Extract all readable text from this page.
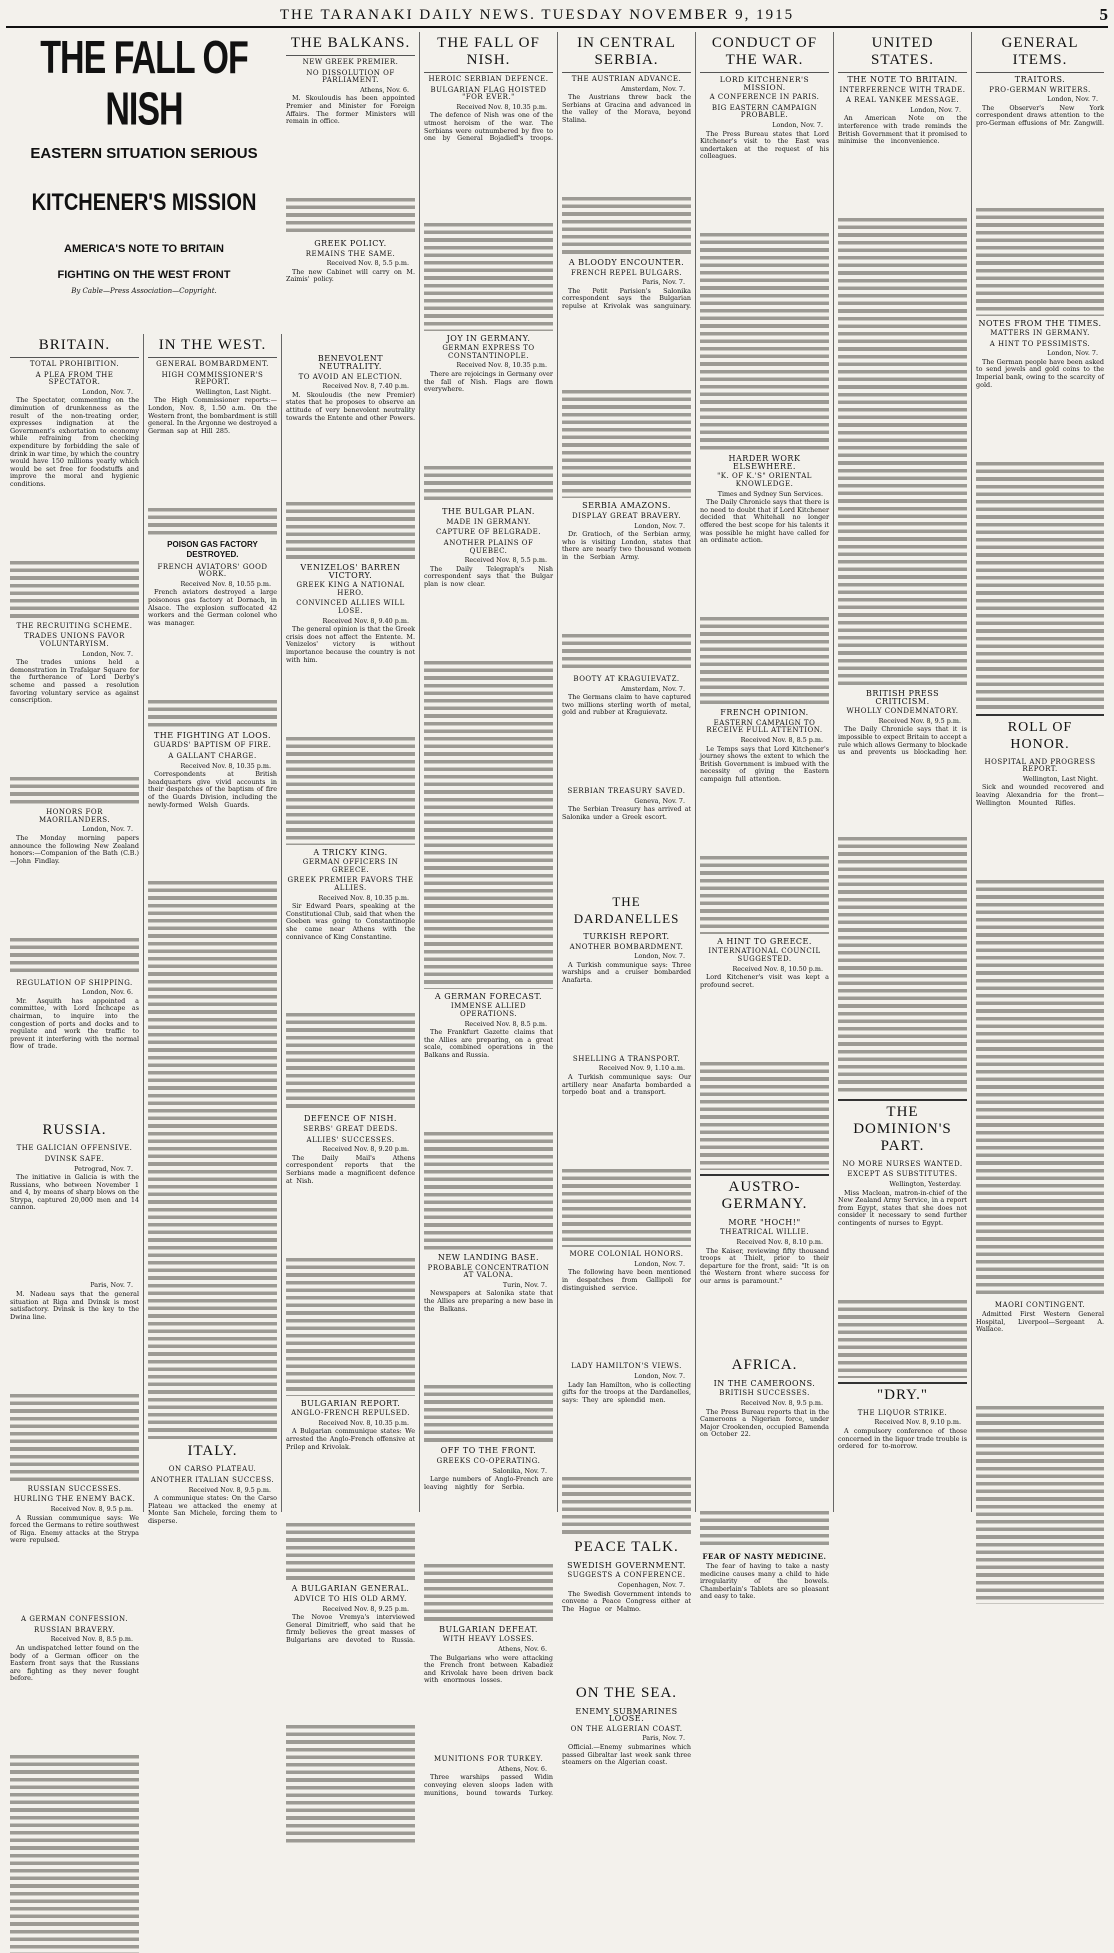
THE TARANAKI DAILY NEWS. TUESDAY NOVEMBER 9, 1915	5
THE FALL OF NISH
EASTERN SITUATION SERIOUS
KITCHENER'S MISSION
AMERICA'S NOTE TO BRITAIN
FIGHTING ON THE WEST FRONT
By Cable—Press Association—Copyright.
BRITAIN.
TOTAL PROHIBITION.
A PLEA FROM THE SPECTATOR.
London, Nov. 7.
The Spectator, commenting on the diminution of drunkenness as the result of the non-treating order, expresses indignation at the Government's exhortation to economy while refraining from checking expenditure by forbidding the sale of drink in war time, by which the country would have 150 millions yearly which would be set free for foodstuffs and improve the moral and hygienic conditions. Lorem ipsum dolor sit amet consectetur adipiscing elit sed do eiusmod tempor incididunt ut labore et dolore magna aliqua ut enim ad minim veniam quis nostrud exercitation ullamco laboris nisi ut aliquip ex ea commodo consequat duis aute irure dolor in reprehenderit in voluptate velit esse cillum dolore eu fugiat nulla pariatur
THE RECRUITING SCHEME.
TRADES UNIONS FAVOR VOLUNTARYISM.
London, Nov. 7.
The trades unions held a demonstration in Trafalgar Square for the furtherance of Lord Derby's scheme and passed a resolution favoring voluntary service as against conscription. Lorem ipsum dolor sit amet consectetur adipiscing elit sed do eiusmod tempor incididunt ut labore et dolore magna aliqua ut enim ad minim veniam quis nostrud exercitation ullamco laboris nisi ut aliquip ex ea commodo consequat duis aute irure dolor in reprehenderit in voluptate velit esse cillum dolore eu fugiat nulla pariatur
HONORS FOR MAORILANDERS.
London, Nov. 7.
The Monday morning papers announce the following New Zealand honors:—Companion of the Bath (C.B.)—John Findlay. Lorem ipsum dolor sit amet consectetur adipiscing elit sed do eiusmod tempor incididunt ut labore et dolore magna aliqua ut enim ad minim veniam quis nostrud exercitation ullamco laboris nisi ut aliquip ex ea commodo consequat duis aute irure dolor in reprehenderit in voluptate velit esse cillum dolore eu fugiat nulla pariatur
REGULATION OF SHIPPING.
London, Nov. 6.
Mr. Asquith has appointed a committee, with Lord Inchcape as chairman, to inquire into the congestion of ports and docks and to regulate and work the traffic to prevent it interfering with the normal flow of trade. Lorem ipsum dolor sit amet consectetur adipiscing elit sed do eiusmod tempor incididunt ut labore et dolore magna aliqua ut enim ad minim veniam quis nostrud exercitation ullamco laboris nisi ut aliquip ex ea commodo consequat duis aute irure dolor in reprehenderit in voluptate velit esse cillum dolore eu fugiat nulla pariatur
RUSSIA.
THE GALICIAN OFFENSIVE.
DVINSK SAFE.
Petrograd, Nov. 7.
The initiative in Galicia is with the Russians, who between November 1 and 4, by means of sharp blows on the Strypa, captured 20,000 men and 14 cannon. Lorem ipsum dolor sit amet consectetur adipiscing elit sed do eiusmod tempor incididunt ut labore et dolore magna aliqua ut enim ad minim veniam quis nostrud exercitation ullamco laboris nisi ut aliquip ex ea commodo consequat duis aute irure dolor in reprehenderit in voluptate velit esse cillum dolore eu fugiat nulla pariatur
Paris, Nov. 7.
M. Nadeau says that the general situation at Riga and Dvinsk is most satisfactory. Dvinsk is the key to the Dwina line. Lorem ipsum dolor sit amet consectetur adipiscing elit sed do eiusmod tempor incididunt ut labore et dolore magna aliqua ut enim ad minim veniam quis nostrud exercitation ullamco laboris nisi ut aliquip ex ea commodo consequat duis aute irure dolor in reprehenderit in voluptate velit esse cillum dolore eu fugiat nulla pariatur
RUSSIAN SUCCESSES.
HURLING THE ENEMY BACK.
Received Nov. 8, 9.5 p.m.
A Russian communique says: We forced the Germans to retire southwest of Riga. Enemy attacks at the Strypa were repulsed. Lorem ipsum dolor sit amet consectetur adipiscing elit sed do eiusmod tempor incididunt ut labore et dolore magna aliqua ut enim ad minim veniam quis nostrud exercitation ullamco laboris nisi ut aliquip ex ea commodo consequat duis aute irure dolor in reprehenderit in voluptate velit esse cillum dolore eu fugiat nulla pariatur
A GERMAN CONFESSION.
RUSSIAN BRAVERY.
Received Nov. 8, 8.5 p.m.
An undispatched letter found on the body of a German officer on the Eastern front says that the Russians are fighting as they never fought before. Lorem ipsum dolor sit amet consectetur adipiscing elit sed do eiusmod tempor incididunt ut labore et dolore magna aliqua ut enim ad minim veniam quis nostrud exercitation ullamco laboris nisi ut aliquip ex ea commodo consequat duis aute irure dolor in reprehenderit in voluptate velit esse cillum dolore eu fugiat nulla pariatur
IN THE WEST.
GENERAL BOMBARDMENT.
HIGH COMMISSIONER'S REPORT.
Wellington, Last Night.
The High Commissioner reports:— London, Nov. 8, 1.50 a.m. On the Western front, the bombardment is still general. In the Argonne we destroyed a German sap at Hill 285. Lorem ipsum dolor sit amet consectetur adipiscing elit sed do eiusmod tempor incididunt ut labore et dolore magna aliqua ut enim ad minim veniam quis nostrud exercitation ullamco laboris nisi ut aliquip ex ea commodo consequat duis aute irure dolor in reprehenderit in voluptate velit esse cillum dolore eu fugiat nulla pariatur
POISON GAS FACTORY DESTROYED.
FRENCH AVIATORS' GOOD WORK.
Received Nov. 8, 10.55 p.m.
French aviators destroyed a large poisonous gas factory at Dornach, in Alsace. The explosion suffocated 42 workers and the German colonel who was manager. Lorem ipsum dolor sit amet consectetur adipiscing elit sed do eiusmod tempor incididunt ut labore et dolore magna aliqua ut enim ad minim veniam quis nostrud exercitation ullamco laboris nisi ut aliquip ex ea commodo consequat duis aute irure dolor in reprehenderit in voluptate velit esse cillum dolore eu fugiat nulla pariatur
THE FIGHTING AT LOOS.
GUARDS' BAPTISM OF FIRE.
A GALLANT CHARGE.
Received Nov. 8, 10.35 p.m.
Correspondents at British headquarters give vivid accounts in their despatches of the baptism of fire of the Guards Division, including the newly-formed Welsh Guards. Lorem ipsum dolor sit amet consectetur adipiscing elit sed do eiusmod tempor incididunt ut labore et dolore magna aliqua ut enim ad minim veniam quis nostrud exercitation ullamco laboris nisi ut aliquip ex ea commodo consequat duis aute irure dolor in reprehenderit in voluptate velit esse cillum dolore eu fugiat nulla pariatur
ITALY.
ON CARSO PLATEAU.
ANOTHER ITALIAN SUCCESS.
Received Nov. 8, 9.5 p.m.
A communique states: On the Carso Plateau we attacked the enemy at Monte San Michele, forcing them to disperse. Lorem ipsum dolor sit amet consectetur adipiscing elit sed do eiusmod tempor incididunt ut labore et dolore magna aliqua ut enim ad minim veniam quis nostrud exercitation ullamco laboris nisi ut aliquip ex ea commodo consequat duis aute irure dolor in reprehenderit in voluptate velit esse cillum dolore eu fugiat nulla pariatur
THE BALKANS.
NEW GREEK PREMIER.
NO DISSOLUTION OF PARLIAMENT.
Athens, Nov. 6.
M. Skouloudis has been appointed Premier and Minister for Foreign Affairs. The former Ministers will remain in office. Lorem ipsum dolor sit amet consectetur adipiscing elit sed do eiusmod tempor incididunt ut labore et dolore magna aliqua ut enim ad minim veniam quis nostrud exercitation ullamco laboris nisi ut aliquip ex ea commodo consequat duis aute irure dolor in reprehenderit in voluptate velit esse cillum dolore eu fugiat nulla pariatur
GREEK POLICY.
REMAINS THE SAME.
Received Nov. 8, 5.5 p.m.
The new Cabinet will carry on M. Zaimis' policy. Lorem ipsum dolor sit amet consectetur adipiscing elit sed do eiusmod tempor incididunt ut labore et dolore magna aliqua ut enim ad minim veniam quis nostrud exercitation ullamco laboris nisi ut aliquip ex ea commodo consequat duis aute irure dolor in reprehenderit in voluptate velit esse cillum dolore eu fugiat nulla pariatur
BENEVOLENT NEUTRALITY.
TO AVOID AN ELECTION.
Received Nov. 8, 7.40 p.m.
M. Skouloudis (the new Premier) states that he proposes to observe an attitude of very benevolent neutrality towards the Entente and other Powers. Lorem ipsum dolor sit amet consectetur adipiscing elit sed do eiusmod tempor incididunt ut labore et dolore magna aliqua ut enim ad minim veniam quis nostrud exercitation ullamco laboris nisi ut aliquip ex ea commodo consequat duis aute irure dolor in reprehenderit in voluptate velit esse cillum dolore eu fugiat nulla pariatur
VENIZELOS' BARREN VICTORY.
GREEK KING A NATIONAL HERO.
CONVINCED ALLIES WILL LOSE.
Received Nov. 8, 9.40 p.m.
The general opinion is that the Greek crisis does not affect the Entente. M. Venizelos' victory is without importance because the country is not with him. Lorem ipsum dolor sit amet consectetur adipiscing elit sed do eiusmod tempor incididunt ut labore et dolore magna aliqua ut enim ad minim veniam quis nostrud exercitation ullamco laboris nisi ut aliquip ex ea commodo consequat duis aute irure dolor in reprehenderit in voluptate velit esse cillum dolore eu fugiat nulla pariatur
A TRICKY KING.
GERMAN OFFICERS IN GREECE.
GREEK PREMIER FAVORS THE ALLIES.
Received Nov. 8, 10.35 p.m.
Sir Edward Pears, speaking at the Constitutional Club, said that when the Goeben was going to Constantinople she came near Athens with the connivance of King Constantine. Lorem ipsum dolor sit amet consectetur adipiscing elit sed do eiusmod tempor incididunt ut labore et dolore magna aliqua ut enim ad minim veniam quis nostrud exercitation ullamco laboris nisi ut aliquip ex ea commodo consequat duis aute irure dolor in reprehenderit in voluptate velit esse cillum dolore eu fugiat nulla pariatur
DEFENCE OF NISH.
SERBS' GREAT DEEDS.
ALLIES' SUCCESSES.
Received Nov. 8, 9.20 p.m.
The Daily Mail's Athens correspondent reports that the Serbians made a magnificent defence at Nish. Lorem ipsum dolor sit amet consectetur adipiscing elit sed do eiusmod tempor incididunt ut labore et dolore magna aliqua ut enim ad minim veniam quis nostrud exercitation ullamco laboris nisi ut aliquip ex ea commodo consequat duis aute irure dolor in reprehenderit in voluptate velit esse cillum dolore eu fugiat nulla pariatur
BULGARIAN REPORT.
ANGLO-FRENCH REPULSED.
Received Nov. 8, 10.35 p.m.
A Bulgarian communique states: We arrested the Anglo-French offensive at Prilep and Krivolak. Lorem ipsum dolor sit amet consectetur adipiscing elit sed do eiusmod tempor incididunt ut labore et dolore magna aliqua ut enim ad minim veniam quis nostrud exercitation ullamco laboris nisi ut aliquip ex ea commodo consequat duis aute irure dolor in reprehenderit in voluptate velit esse cillum dolore eu fugiat nulla pariatur
A BULGARIAN GENERAL.
ADVICE TO HIS OLD ARMY.
Received Nov. 8, 9.25 p.m.
The Novoe Vremya's interviewed General Dimitrieff, who said that he firmly believes the great masses of Bulgarians are devoted to Russia. Lorem ipsum dolor sit amet consectetur adipiscing elit sed do eiusmod tempor incididunt ut labore et dolore magna aliqua ut enim ad minim veniam quis nostrud exercitation ullamco laboris nisi ut aliquip ex ea commodo consequat duis aute irure dolor in reprehenderit in voluptate velit esse cillum dolore eu fugiat nulla pariatur
THE FALL OF NISH.
HEROIC SERBIAN DEFENCE.
BULGARIAN FLAG HOISTED "FOR EVER."
Received Nov. 8, 10.35 p.m.
The defence of Nish was one of the utmost heroism of the war. The Serbians were outnumbered by five to one by General Bojadieff's troops. Lorem ipsum dolor sit amet consectetur adipiscing elit sed do eiusmod tempor incididunt ut labore et dolore magna aliqua ut enim ad minim veniam quis nostrud exercitation ullamco laboris nisi ut aliquip ex ea commodo consequat duis aute irure dolor in reprehenderit in voluptate velit esse cillum dolore eu fugiat nulla pariatur
JOY IN GERMANY.
GERMAN EXPRESS TO CONSTANTINOPLE.
Received Nov. 8, 10.35 p.m.
There are rejoicings in Germany over the fall of Nish. Flags are flown everywhere. Lorem ipsum dolor sit amet consectetur adipiscing elit sed do eiusmod tempor incididunt ut labore et dolore magna aliqua ut enim ad minim veniam quis nostrud exercitation ullamco laboris nisi ut aliquip ex ea commodo consequat duis aute irure dolor in reprehenderit in voluptate velit esse cillum dolore eu fugiat nulla pariatur
THE BULGAR PLAN.
MADE IN GERMANY.
CAPTURE OF BELGRADE.
ANOTHER PLAINS OF QUEBEC.
Received Nov. 8, 5.5 p.m.
The Daily Telegraph's Nish correspondent says that the Bulgar plan is now clear. Lorem ipsum dolor sit amet consectetur adipiscing elit sed do eiusmod tempor incididunt ut labore et dolore magna aliqua ut enim ad minim veniam quis nostrud exercitation ullamco laboris nisi ut aliquip ex ea commodo consequat duis aute irure dolor in reprehenderit in voluptate velit esse cillum dolore eu fugiat nulla pariatur
A GERMAN FORECAST.
IMMENSE ALLIED OPERATIONS.
Received Nov. 8, 8.5 p.m.
The Frankfurt Gazette claims that the Allies are preparing, on a great scale, combined operations in the Balkans and Russia. Lorem ipsum dolor sit amet consectetur adipiscing elit sed do eiusmod tempor incididunt ut labore et dolore magna aliqua ut enim ad minim veniam quis nostrud exercitation ullamco laboris nisi ut aliquip ex ea commodo consequat duis aute irure dolor in reprehenderit in voluptate velit esse cillum dolore eu fugiat nulla pariatur
NEW LANDING BASE.
PROBABLE CONCENTRATION AT VALONA.
Turin, Nov. 7.
Newspapers at Salonika state that the Allies are preparing a new base in the Balkans. Lorem ipsum dolor sit amet consectetur adipiscing elit sed do eiusmod tempor incididunt ut labore et dolore magna aliqua ut enim ad minim veniam quis nostrud exercitation ullamco laboris nisi ut aliquip ex ea commodo consequat duis aute irure dolor in reprehenderit in voluptate velit esse cillum dolore eu fugiat nulla pariatur
OFF TO THE FRONT.
GREEKS CO-OPERATING.
Salonika, Nov. 7.
Large numbers of Anglo-French are leaving nightly for Serbia. Lorem ipsum dolor sit amet consectetur adipiscing elit sed do eiusmod tempor incididunt ut labore et dolore magna aliqua ut enim ad minim veniam quis nostrud exercitation ullamco laboris nisi ut aliquip ex ea commodo consequat duis aute irure dolor in reprehenderit in voluptate velit esse cillum dolore eu fugiat nulla pariatur
BULGARIAN DEFEAT.
WITH HEAVY LOSSES.
Athens, Nov. 6.
The Bulgarians who were attacking the French front between Kabadiez and Krivolak have been driven back with enormous losses. Lorem ipsum dolor sit amet consectetur adipiscing elit sed do eiusmod tempor incididunt ut labore et dolore magna aliqua ut enim ad minim veniam quis nostrud exercitation ullamco laboris nisi ut aliquip ex ea commodo consequat duis aute irure dolor in reprehenderit in voluptate velit esse cillum dolore eu fugiat nulla pariatur
MUNITIONS FOR TURKEY.
Athens, Nov. 6.
Three warships passed Widin conveying eleven sloops laden with munitions, bound towards Turkey. Lorem ipsum dolor sit amet consectetur adipiscing elit sed do eiusmod tempor incididunt ut labore et dolore magna aliqua ut enim ad minim veniam quis nostrud exercitation ullamco laboris nisi ut aliquip ex ea commodo consequat duis aute irure dolor in reprehenderit in voluptate velit esse cillum dolore eu fugiat nulla pariatur
IN CENTRAL SERBIA.
THE AUSTRIAN ADVANCE.
Amsterdam, Nov. 7.
The Austrians threw back the Serbians at Gracina and advanced in the valley of the Morava, beyond Stalina. Lorem ipsum dolor sit amet consectetur adipiscing elit sed do eiusmod tempor incididunt ut labore et dolore magna aliqua ut enim ad minim veniam quis nostrud exercitation ullamco laboris nisi ut aliquip ex ea commodo consequat duis aute irure dolor in reprehenderit in voluptate velit esse cillum dolore eu fugiat nulla pariatur
A BLOODY ENCOUNTER.
FRENCH REPEL BULGARS.
Paris, Nov. 7.
The Petit Parisien's Salonika correspondent says the Bulgarian repulse at Krivolak was sanguinary. Lorem ipsum dolor sit amet consectetur adipiscing elit sed do eiusmod tempor incididunt ut labore et dolore magna aliqua ut enim ad minim veniam quis nostrud exercitation ullamco laboris nisi ut aliquip ex ea commodo consequat duis aute irure dolor in reprehenderit in voluptate velit esse cillum dolore eu fugiat nulla pariatur
SERBIA AMAZONS.
DISPLAY GREAT BRAVERY.
London, Nov. 7.
Dr. Gratioch, of the Serbian army, who is visiting London, states that there are nearly two thousand women in the Serbian Army. Lorem ipsum dolor sit amet consectetur adipiscing elit sed do eiusmod tempor incididunt ut labore et dolore magna aliqua ut enim ad minim veniam quis nostrud exercitation ullamco laboris nisi ut aliquip ex ea commodo consequat duis aute irure dolor in reprehenderit in voluptate velit esse cillum dolore eu fugiat nulla pariatur
BOOTY AT KRAGUIEVATZ.
Amsterdam, Nov. 7.
The Germans claim to have captured two millions sterling worth of metal, gold and rubber at Kraguievatz. Lorem ipsum dolor sit amet consectetur adipiscing elit sed do eiusmod tempor incididunt ut labore et dolore magna aliqua ut enim ad minim veniam quis nostrud exercitation ullamco laboris nisi ut aliquip ex ea commodo consequat duis aute irure dolor in reprehenderit in voluptate velit esse cillum dolore eu fugiat nulla pariatur
SERBIAN TREASURY SAVED.
Geneva, Nov. 7.
The Serbian Treasury has arrived at Salonika under a Greek escort. Lorem ipsum dolor sit amet consectetur adipiscing elit sed do eiusmod tempor incididunt ut labore et dolore magna aliqua ut enim ad minim veniam quis nostrud exercitation ullamco laboris nisi ut aliquip ex ea commodo consequat duis aute irure dolor in reprehenderit in voluptate velit esse cillum dolore eu fugiat nulla pariatur
THE DARDANELLES
TURKISH REPORT.
ANOTHER BOMBARDMENT.
London, Nov. 7.
A Turkish communique says: Three warships and a cruiser bombarded Anafarta. Lorem ipsum dolor sit amet consectetur adipiscing elit sed do eiusmod tempor incididunt ut labore et dolore magna aliqua ut enim ad minim veniam quis nostrud exercitation ullamco laboris nisi ut aliquip ex ea commodo consequat duis aute irure dolor in reprehenderit in voluptate velit esse cillum dolore eu fugiat nulla pariatur
SHELLING A TRANSPORT.
Received Nov. 9, 1.10 a.m.
A Turkish communique says: Our artillery near Anafarta bombarded a torpedo boat and a transport. Lorem ipsum dolor sit amet consectetur adipiscing elit sed do eiusmod tempor incididunt ut labore et dolore magna aliqua ut enim ad minim veniam quis nostrud exercitation ullamco laboris nisi ut aliquip ex ea commodo consequat duis aute irure dolor in reprehenderit in voluptate velit esse cillum dolore eu fugiat nulla pariatur
MORE COLONIAL HONORS.
London, Nov. 7.
The following have been mentioned in despatches from Gallipoli for distinguished service. Lorem ipsum dolor sit amet consectetur adipiscing elit sed do eiusmod tempor incididunt ut labore et dolore magna aliqua ut enim ad minim veniam quis nostrud exercitation ullamco laboris nisi ut aliquip ex ea commodo consequat duis aute irure dolor in reprehenderit in voluptate velit esse cillum dolore eu fugiat nulla pariatur
LADY HAMILTON'S VIEWS.
London, Nov. 7.
Lady Ian Hamilton, who is collecting gifts for the troops at the Dardanelles, says: They are splendid men. Lorem ipsum dolor sit amet consectetur adipiscing elit sed do eiusmod tempor incididunt ut labore et dolore magna aliqua ut enim ad minim veniam quis nostrud exercitation ullamco laboris nisi ut aliquip ex ea commodo consequat duis aute irure dolor in reprehenderit in voluptate velit esse cillum dolore eu fugiat nulla pariatur
PEACE TALK.
SWEDISH GOVERNMENT.
SUGGESTS A CONFERENCE.
Copenhagen, Nov. 7.
The Swedish Government intends to convene a Peace Congress either at The Hague or Malmo. Lorem ipsum dolor sit amet consectetur adipiscing elit sed do eiusmod tempor incididunt ut labore et dolore magna aliqua ut enim ad minim veniam quis nostrud exercitation ullamco laboris nisi ut aliquip ex ea commodo consequat duis aute irure dolor in reprehenderit in voluptate velit esse cillum dolore eu fugiat nulla pariatur
ON THE SEA.
ENEMY SUBMARINES LOOSE.
ON THE ALGERIAN COAST.
Paris, Nov. 7.
Official.—Enemy submarines which passed Gibraltar last week sank three steamers on the Algerian coast. Lorem ipsum dolor sit amet consectetur adipiscing elit sed do eiusmod tempor incididunt ut labore et dolore magna aliqua ut enim ad minim veniam quis nostrud exercitation ullamco laboris nisi ut aliquip ex ea commodo consequat duis aute irure dolor in reprehenderit in voluptate velit esse cillum dolore eu fugiat nulla pariatur
CONDUCT OF THE WAR.
LORD KITCHENER'S MISSION.
A CONFERENCE IN PARIS.
BIG EASTERN CAMPAIGN PROBABLE.
London, Nov. 7.
The Press Bureau states that Lord Kitchener's visit to the East was undertaken at the request of his colleagues. Lorem ipsum dolor sit amet consectetur adipiscing elit sed do eiusmod tempor incididunt ut labore et dolore magna aliqua ut enim ad minim veniam quis nostrud exercitation ullamco laboris nisi ut aliquip ex ea commodo consequat duis aute irure dolor in reprehenderit in voluptate velit esse cillum dolore eu fugiat nulla pariatur
HARDER WORK ELSEWHERE.
"K. OF K.'S" ORIENTAL KNOWLEDGE.
Times and Sydney Sun Services.
The Daily Chronicle says that there is no need to doubt that if Lord Kitchener decided that Whitehall no longer offered the best scope for his talents it was possible he might have called for an ordinate action. Lorem ipsum dolor sit amet consectetur adipiscing elit sed do eiusmod tempor incididunt ut labore et dolore magna aliqua ut enim ad minim veniam quis nostrud exercitation ullamco laboris nisi ut aliquip ex ea commodo consequat duis aute irure dolor in reprehenderit in voluptate velit esse cillum dolore eu fugiat nulla pariatur
FRENCH OPINION.
EASTERN CAMPAIGN TO RECEIVE FULL ATTENTION.
Received Nov. 8, 8.5 p.m.
Le Temps says that Lord Kitchener's journey shows the extent to which the British Government is imbued with the necessity of giving the Eastern campaign full attention. Lorem ipsum dolor sit amet consectetur adipiscing elit sed do eiusmod tempor incididunt ut labore et dolore magna aliqua ut enim ad minim veniam quis nostrud exercitation ullamco laboris nisi ut aliquip ex ea commodo consequat duis aute irure dolor in reprehenderit in voluptate velit esse cillum dolore eu fugiat nulla pariatur
A HINT TO GREECE.
INTERNATIONAL COUNCIL SUGGESTED.
Received Nov. 8, 10.50 p.m.
Lord Kitchener's visit was kept a profound secret. Lorem ipsum dolor sit amet consectetur adipiscing elit sed do eiusmod tempor incididunt ut labore et dolore magna aliqua ut enim ad minim veniam quis nostrud exercitation ullamco laboris nisi ut aliquip ex ea commodo consequat duis aute irure dolor in reprehenderit in voluptate velit esse cillum dolore eu fugiat nulla pariatur
AUSTRO-GERMANY.
MORE "HOCH!"
THEATRICAL WILLIE.
Received Nov. 8, 8.10 p.m.
The Kaiser, reviewing fifty thousand troops at Thielt, prior to their departure for the front, said: "It is on the Western front where success for our arms is paramount." Lorem ipsum dolor sit amet consectetur adipiscing elit sed do eiusmod tempor incididunt ut labore et dolore magna aliqua ut enim ad minim veniam quis nostrud exercitation ullamco laboris nisi ut aliquip ex ea commodo consequat duis aute irure dolor in reprehenderit in voluptate velit esse cillum dolore eu fugiat nulla pariatur
AFRICA.
IN THE CAMEROONS.
BRITISH SUCCESSES.
Received Nov. 8, 9.5 p.m.
The Press Bureau reports that in the Cameroons a Nigerian force, under Major Crookenden, occupied Bamenda on October 22. Lorem ipsum dolor sit amet consectetur adipiscing elit sed do eiusmod tempor incididunt ut labore et dolore magna aliqua ut enim ad minim veniam quis nostrud exercitation ullamco laboris nisi ut aliquip ex ea commodo consequat duis aute irure dolor in reprehenderit in voluptate velit esse cillum dolore eu fugiat nulla pariatur
FEAR OF NASTY MEDICINE.
The fear of having to take a nasty medicine causes many a child to hide irregularity of the bowels. Chamberlain's Tablets are so pleasant and easy to take. Lorem ipsum dolor sit amet consectetur adipiscing elit sed do eiusmod tempor incididunt ut labore et dolore magna aliqua ut enim ad minim veniam quis nostrud exercitation ullamco laboris nisi ut aliquip ex ea commodo consequat duis aute irure dolor in reprehenderit in voluptate velit esse cillum dolore eu fugiat nulla pariatur
UNITED STATES.
THE NOTE TO BRITAIN.
INTERFERENCE WITH TRADE.
A REAL YANKEE MESSAGE.
London, Nov. 7.
An American Note on the interference with trade reminds the British Government that it promised to minimise the inconvenience. Lorem ipsum dolor sit amet consectetur adipiscing elit sed do eiusmod tempor incididunt ut labore et dolore magna aliqua ut enim ad minim veniam quis nostrud exercitation ullamco laboris nisi ut aliquip ex ea commodo consequat duis aute irure dolor in reprehenderit in voluptate velit esse cillum dolore eu fugiat nulla pariatur
BRITISH PRESS CRITICISM.
WHOLLY CONDEMNATORY.
Received Nov. 8, 9.5 p.m.
The Daily Chronicle says that it is impossible to expect Britain to accept a rule which allows Germany to blockade us and prevents us blockading her. Lorem ipsum dolor sit amet consectetur adipiscing elit sed do eiusmod tempor incididunt ut labore et dolore magna aliqua ut enim ad minim veniam quis nostrud exercitation ullamco laboris nisi ut aliquip ex ea commodo consequat duis aute irure dolor in reprehenderit in voluptate velit esse cillum dolore eu fugiat nulla pariatur
THE DOMINION'S PART.
NO MORE NURSES WANTED.
EXCEPT AS SUBSTITUTES.
Wellington, Yesterday.
Miss Maclean, matron-in-chief of the New Zealand Army Service, in a report from Egypt, states that she does not consider it necessary to send further contingents of nurses to Egypt. Lorem ipsum dolor sit amet consectetur adipiscing elit sed do eiusmod tempor incididunt ut labore et dolore magna aliqua ut enim ad minim veniam quis nostrud exercitation ullamco laboris nisi ut aliquip ex ea commodo consequat duis aute irure dolor in reprehenderit in voluptate velit esse cillum dolore eu fugiat nulla pariatur
"DRY."
THE LIQUOR STRIKE.
Received Nov. 8, 9.10 p.m.
A compulsory conference of those concerned in the liquor trade trouble is ordered for to-morrow. Lorem ipsum dolor sit amet consectetur adipiscing elit sed do eiusmod tempor incididunt ut labore et dolore magna aliqua ut enim ad minim veniam quis nostrud exercitation ullamco laboris nisi ut aliquip ex ea commodo consequat duis aute irure dolor in reprehenderit in voluptate velit esse cillum dolore eu fugiat nulla pariatur
GENERAL ITEMS.
TRAITORS.
PRO-GERMAN WRITERS.
London, Nov. 7.
The Observer's New York correspondent draws attention to the pro-German effusions of Mr. Zangwill. Lorem ipsum dolor sit amet consectetur adipiscing elit sed do eiusmod tempor incididunt ut labore et dolore magna aliqua ut enim ad minim veniam quis nostrud exercitation ullamco laboris nisi ut aliquip ex ea commodo consequat duis aute irure dolor in reprehenderit in voluptate velit esse cillum dolore eu fugiat nulla pariatur
NOTES FROM THE TIMES.
MATTERS IN GERMANY.
A HINT TO PESSIMISTS.
London, Nov. 7.
The German people have been asked to send jewels and gold coins to the Imperial bank, owing to the scarcity of gold. Lorem ipsum dolor sit amet consectetur adipiscing elit sed do eiusmod tempor incididunt ut labore et dolore magna aliqua ut enim ad minim veniam quis nostrud exercitation ullamco laboris nisi ut aliquip ex ea commodo consequat duis aute irure dolor in reprehenderit in voluptate velit esse cillum dolore eu fugiat nulla pariatur
ROLL OF HONOR.
HOSPITAL AND PROGRESS REPORT.
Wellington, Last Night.
Sick and wounded recovered and leaving Alexandria for the front—Wellington Mounted Rifles. Lorem ipsum dolor sit amet consectetur adipiscing elit sed do eiusmod tempor incididunt ut labore et dolore magna aliqua ut enim ad minim veniam quis nostrud exercitation ullamco laboris nisi ut aliquip ex ea commodo consequat duis aute irure dolor in reprehenderit in voluptate velit esse cillum dolore eu fugiat nulla pariatur
MAORI CONTINGENT.
Admitted First Western General Hospital, Liverpool—Sergeant A. Wallace. Lorem ipsum dolor sit amet consectetur adipiscing elit sed do eiusmod tempor incididunt ut labore et dolore magna aliqua ut enim ad minim veniam quis nostrud exercitation ullamco laboris nisi ut aliquip ex ea commodo consequat duis aute irure dolor in reprehenderit in voluptate velit esse cillum dolore eu fugiat nulla pariatur
